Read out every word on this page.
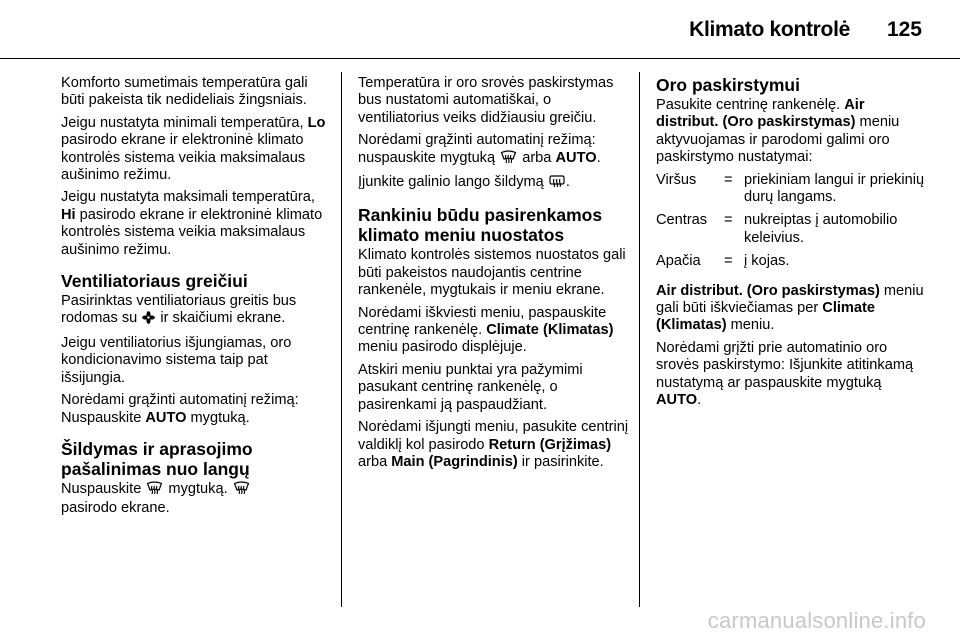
Klimato kontrolė 125

Komforto sumetimais temperatūra gali būti pakeista tik nedideliais žingsniais.

Jeigu nustatyta minimali temperatūra, Lo pasirodo ekrane ir elektroninė klimato kontrolės sistema veikia maksimalaus aušinimo režimu.

Jeigu nustatyta maksimali temperatūra, Hi pasirodo ekrane ir elektroninė klimato kontrolės sistema veikia maksimalaus aušinimo režimu.

Ventiliatoriaus greičiui

Pasirinktas ventiliatoriaus greitis bus rodomas su  ir skaičiumi ekrane.

Jeigu ventiliatorius išjungiamas, oro kondicionavimo sistema taip pat išsijungia.

Norėdami grąžinti automatinį režimą: Nuspauskite AUTO mygtuką.

Šildymas ir aprasojimo pašalinimas nuo langų

Nuspauskite  mygtuką.
pasirodo ekrane.

Temperatūra ir oro srovės paskirstymas bus nustatomi automatiškai, o ventiliatorius veiks didžiausiu greičiu.

Norėdami grąžinti automatinį režimą: nuspauskite mygtuką  arba AUTO.

Įjunkite galinio lango šildymą .

Rankiniu būdu pasirenkamos klimato meniu nuostatos

Klimato kontrolės sistemos nuostatos gali būti pakeistos naudojantis centrine rankenėle, mygtukais ir meniu ekrane.

Norėdami iškviesti meniu, paspauskite centrinę rankenėlę. Climate (Klimatas) meniu pasirodo displėjuje.

Atskiri meniu punktai yra pažymimi pasukant centrinę rankenėlę, o pasirenkami ją paspaudžiant.

Norėdami išjungti meniu, pasukite centrinį valdiklį kol pasirodo Return (Grįžimas) arba Main (Pagrindinis) ir pasirinkite.

Oro paskirstymui

Pasukite centrinę rankenėlę. Air distribut. (Oro paskirstymas) meniu aktyvuojamas ir parodomi galimi oro paskirstymo nustatymai:

Viršus	= priekiniam langui ir priekinių durų langams.
Centras	= nukreiptas į automobilio keleivius.
Apačia	= į kojas.

Air distribut. (Oro paskirstymas) meniu gali būti iškviečiamas per Climate (Klimatas) meniu.

Norėdami grįžti prie automatinio oro srovės paskirstymo: Išjunkite atitinkamą nustatymą ar paspauskite mygtuką AUTO.

carmanualsonline.info
